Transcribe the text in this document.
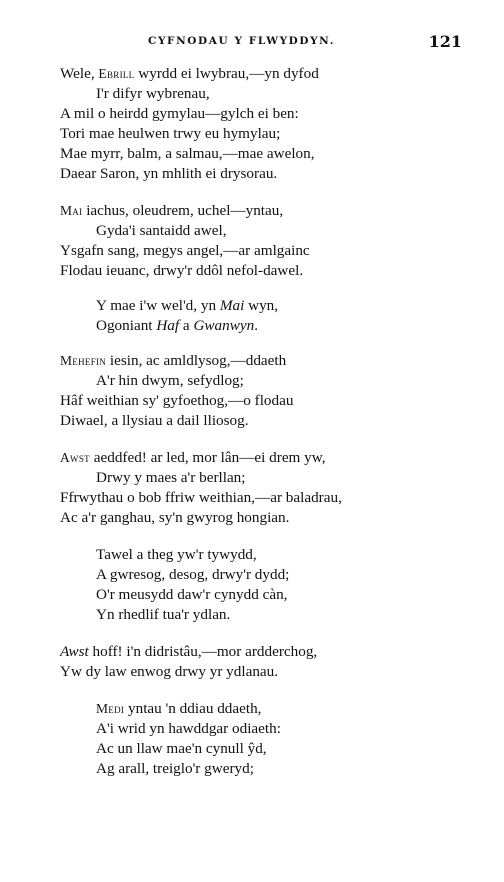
CYFNODAU Y FLWYDDYN.	121
Wele, Ebrill wyrdd ei lwybrau,—yn dyfod
I'r difyr wybrenau,
A mil o heirdd gymylau—gylch ei ben:
Tori mae heulwen trwy eu hymylau;
Mae myrr, balm, a salmau,—mae awelon,
Daear Saron, yn mhlith ei drysorau.
Mai iachus, oleudrem, uchel—yntau,
Gyda'i santaidd awel,
Ysgafn sang, megys angel,—ar amlgainc
Flodau ieuanc, drwy'r ddôl nefol-dawel.
Y mae i'w wel'd, yn Mai wyn,
Ogoniant Haf a Gwanwyn.
Mehefin iesin, ac amldlysog,—ddaeth
A'r hin dwym, sefydlog;
Hâf weithian sy' gyfoethog,—o flodau
Diwael, a llysiau a dail lliosog.
Awst aeddfed! ar led, mor lân—ei drem yw,
Drwy y maes a'r berllan;
Ffrwythau o bob ffriw weithian,—ar baladrau,
Ac a'r ganghau, sy'n gwyrog hongian.
Tawel a theg yw'r tywydd,
A gwresog, desog, drwy'r dydd;
O'r meusydd daw'r cynydd càn,
Yn rhedlif tua'r ydlan.
Awst hoff! i'n didristâu,—mor ardderchog,
Yw dy law enwog drwy yr ydlanau.
Medi yntau 'n ddiau ddaeth,
A'i wrid yn hawddgar odiaeth:
Ac un llaw mae'n cynull ŷd,
Ag arall, treiglo'r gweryd;
